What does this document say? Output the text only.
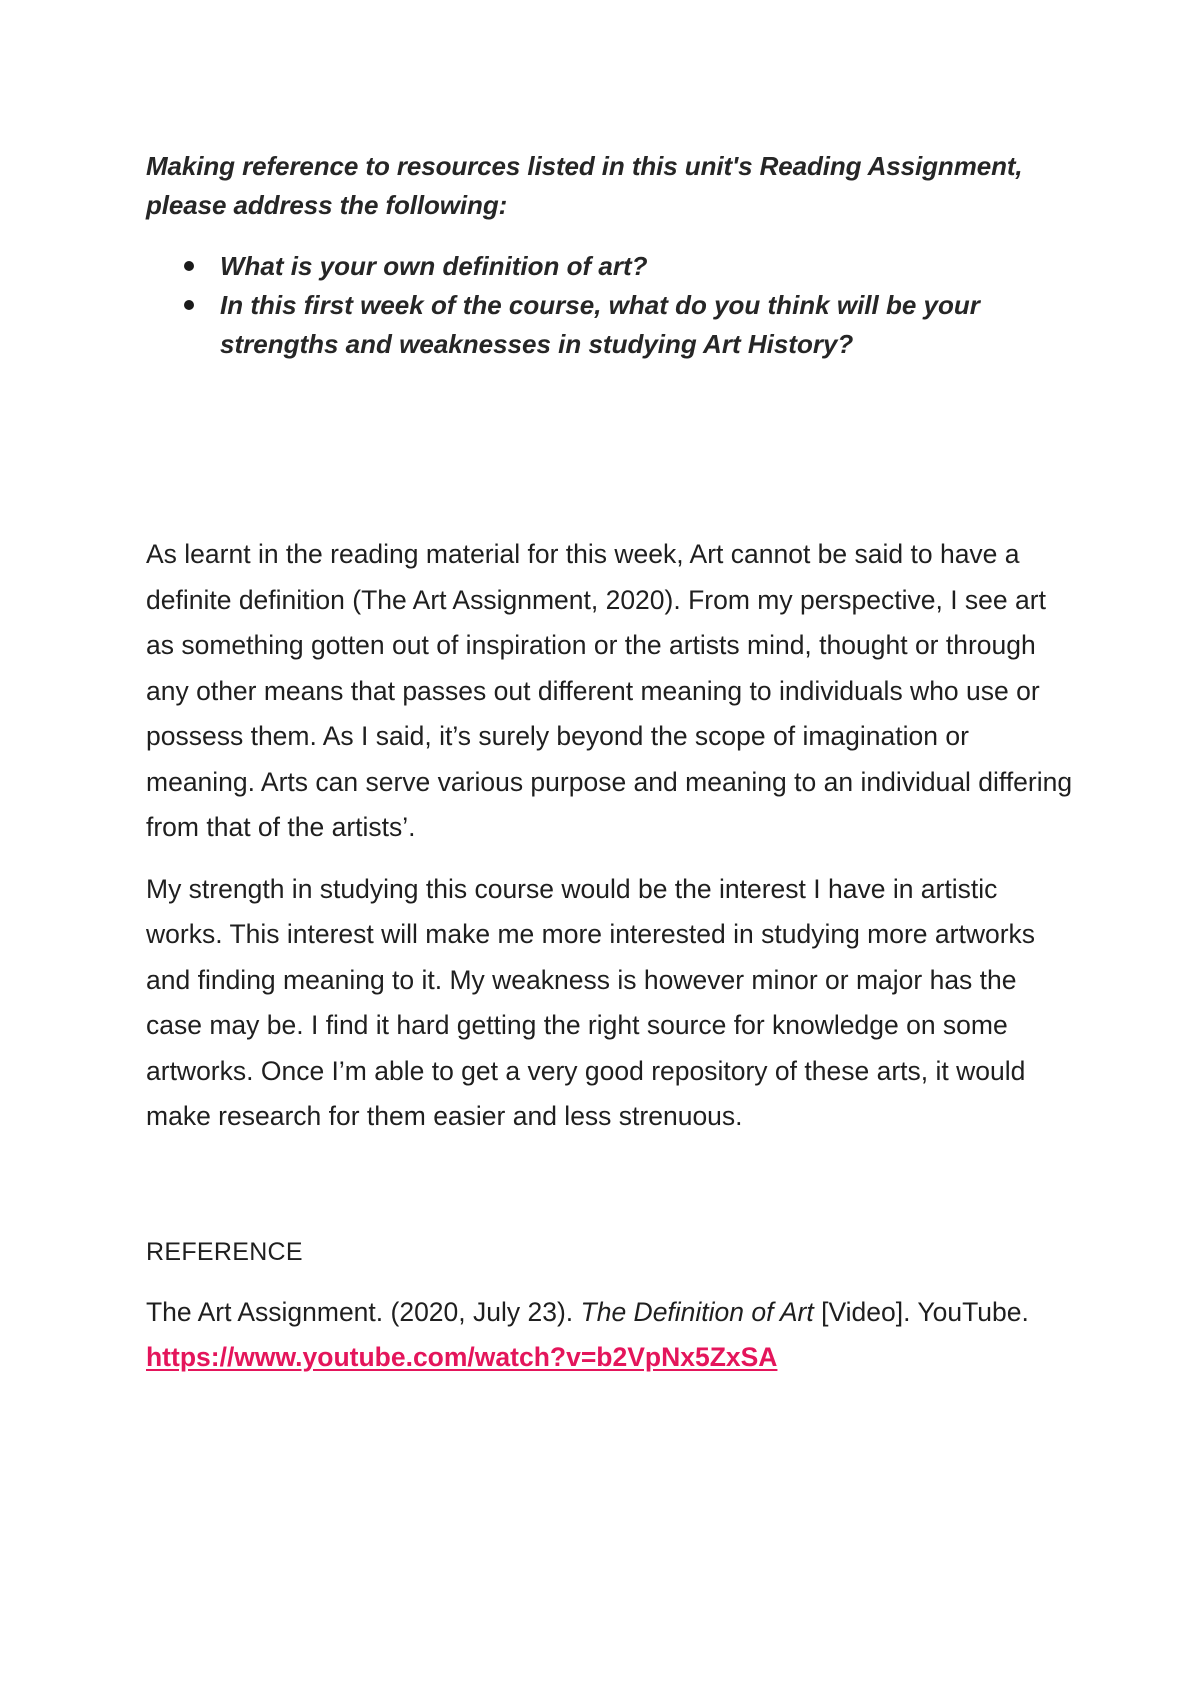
Making reference to resources listed in this unit's Reading Assignment, please address the following:

What is your own definition of art?
In this first week of the course, what do you think will be your strengths and weaknesses in studying Art History?

As learnt in the reading material for this week, Art cannot be said to have a definite definition (The Art Assignment, 2020). From my perspective, I see art as something gotten out of inspiration or the artists mind, thought or through any other means that passes out different meaning to individuals who use or possess them. As I said, it’s surely beyond the scope of imagination or meaning. Arts can serve various purpose and meaning to an individual differing from that of the artists’.

My strength in studying this course would be the interest I have in artistic works. This interest will make me more interested in studying more artworks and finding meaning to it. My weakness is however minor or major has the case may be. I find it hard getting the right source for knowledge on some artworks. Once I’m able to get a very good repository of these arts, it would make research for them easier and less strenuous.

REFERENCE

The Art Assignment. (2020, July 23). The Definition of Art [Video]. YouTube. https://www.youtube.com/watch?v=b2VpNx5ZxSA
